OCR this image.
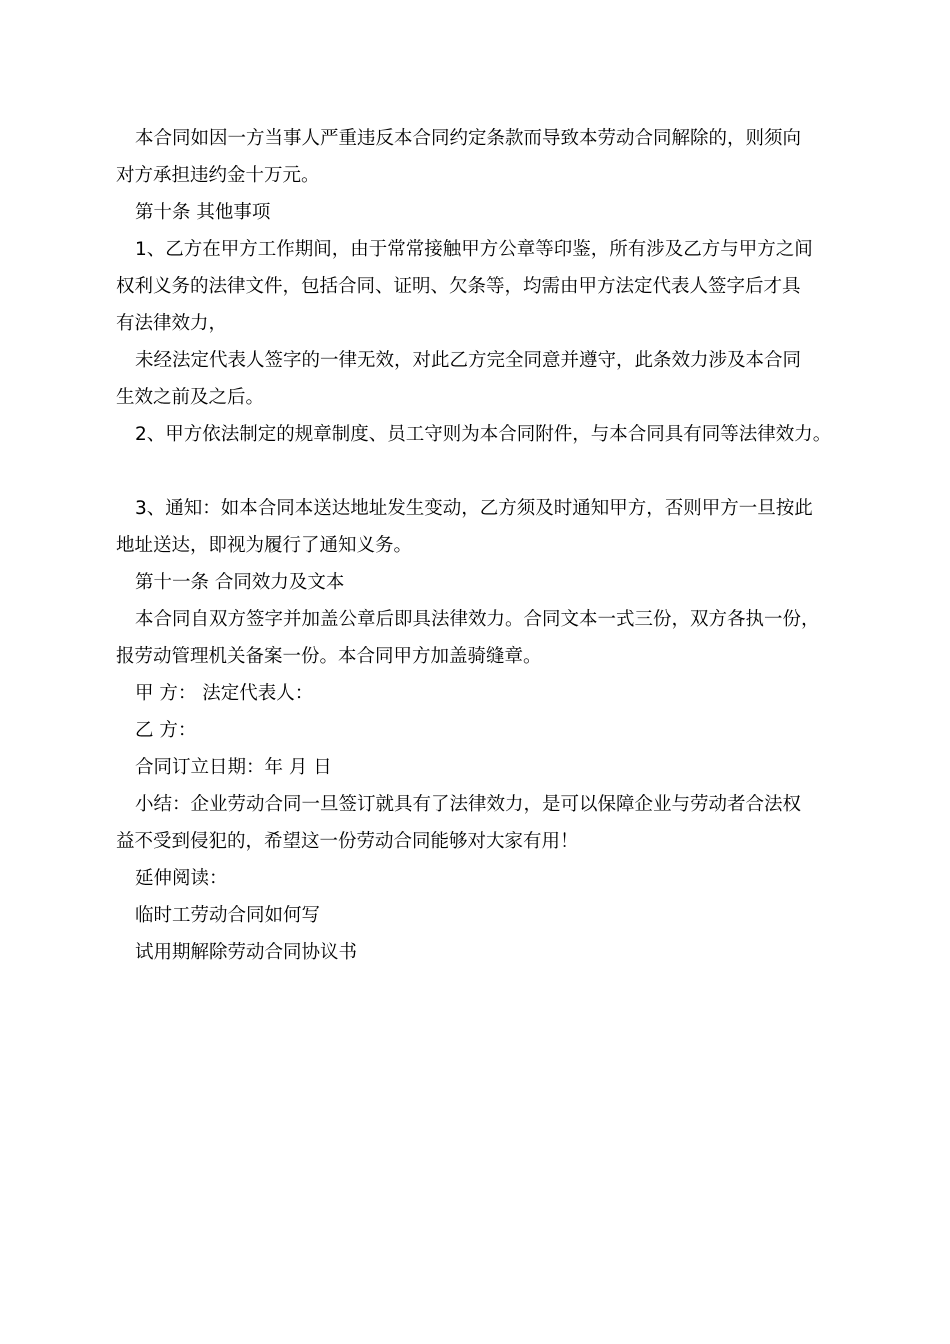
本合同如因一方当事人严重违反本合同约定条款而导致本劳动合同解除的，则须向
对方承担违约金十万元。

第十条 其他事项

1、乙方在甲方工作期间，由于常常接触甲方公章等印鉴，所有涉及乙方与甲方之间
权利义务的法律文件，包括合同、证明、欠条等，均需由甲方法定代表人签字后才具
有法律效力，

未经法定代表人签字的一律无效，对此乙方完全同意并遵守，此条效力涉及本合同
生效之前及之后。

2、甲方依法制定的规章制度、员工守则为本合同附件，与本合同具有同等法律效力。

3、通知：如本合同本送达地址发生变动，乙方须及时通知甲方，否则甲方一旦按此
地址送达，即视为履行了通知义务。

第十一条 合同效力及文本

本合同自双方签字并加盖公章后即具法律效力。合同文本一式三份，双方各执一份，
报劳动管理机关备案一份。本合同甲方加盖骑缝章。

甲 方： 法定代表人：

乙 方：

合同订立日期：年 月 日

小结：企业劳动合同一旦签订就具有了法律效力，是可以保障企业与劳动者合法权
益不受到侵犯的，希望这一份劳动合同能够对大家有用！

延伸阅读：

临时工劳动合同如何写

试用期解除劳动合同协议书
